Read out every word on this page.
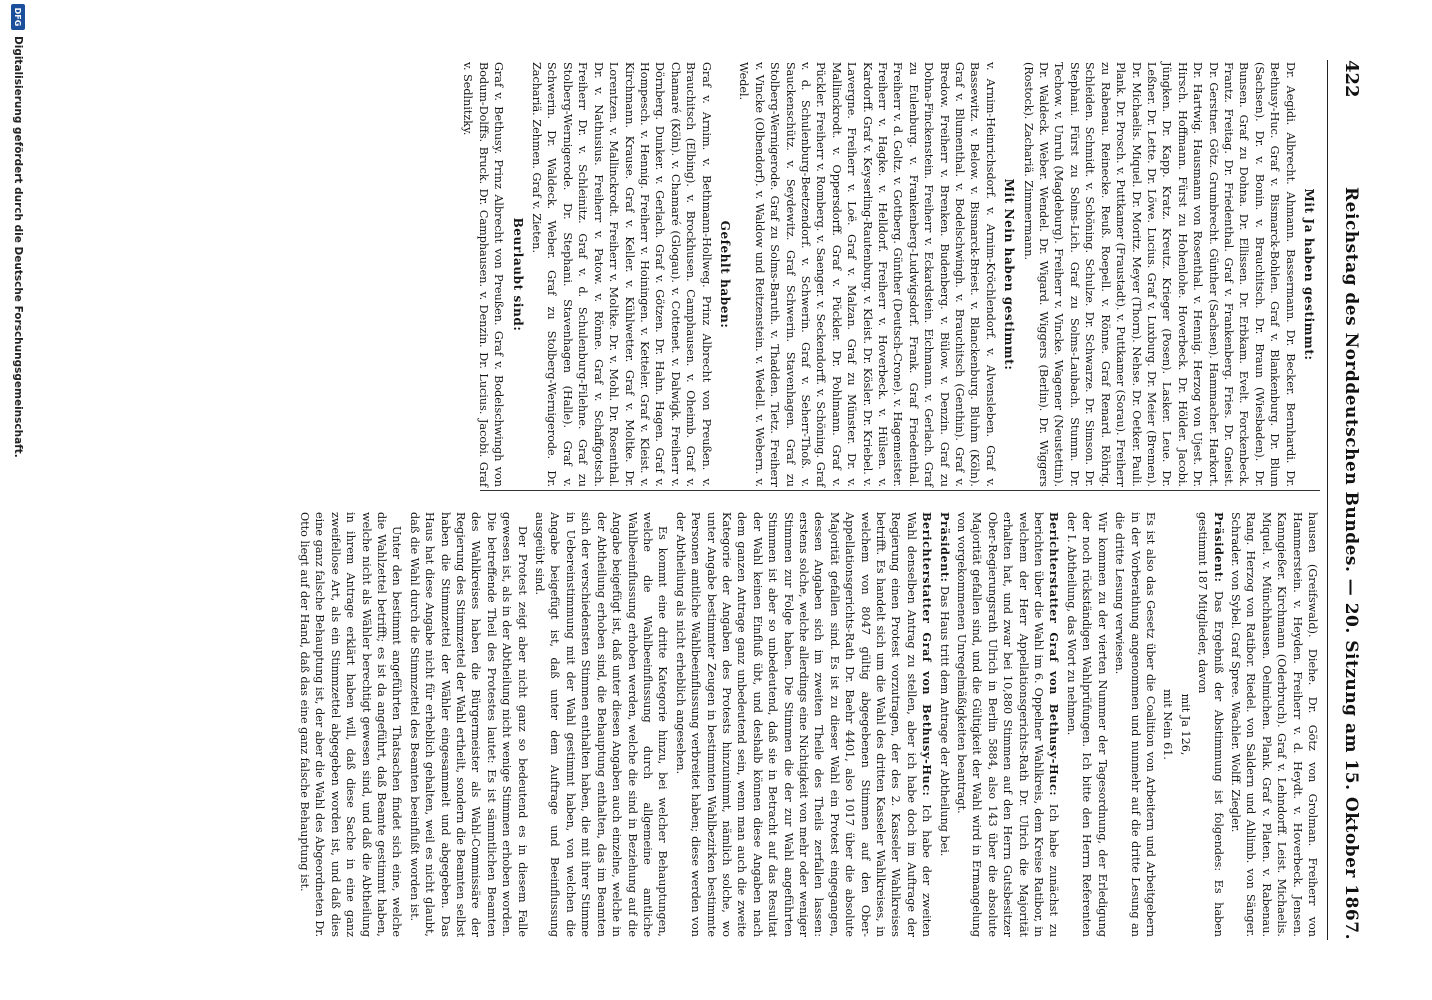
422
Reichstag des Norddeutschen Bundes. — 20. Sitzung am 15. Oktober 1867.
Mit Ja haben gestimmt:

Dr. Aegidi. Albrecht. Ahmann. Bassermann. Dr. Becker. Bernhardi. Dr. Bethusy-Huc. Graf v. Bismarck-Bohlen. Graf v. Blankenburg. Dr. Blum (Sachsen). Dr. v. Bonin. v. Brauchitsch. Dr. Braun (Wiesbaden). Dr. Bunsen. Graf zu Dohna. Dr. Ellissen. Dr. Erbkam. Evelt. Forckenbeck. Frantz. Freitag. Dr. Friedenthal. Graf v. Frankenberg. Fries. Dr. Gneist. Dr. Gerstner. Götz. Grumbrecht. Günther (Sachsen). Hammacher. Harkort. Dr. Hartwig. Hausmann von Rosenthal. v. Hennig. Herzog von Ujest. Dr. Hirsch. Hoffmann. Fürst zu Hohenlohe. Hoverbeck. Dr. Hölder. Jacobi. Jüngken. Dr. Kapp. Kratz. Kreutz. Krieger (Posen). Lasker. Leue. Dr. Leßner. Dr. Lette. Dr. Löwe. Lucius. Graf v. Luxburg. Dr. Meier (Bremen). Dr. Michaelis. Miquel. Dr. Moritz. Meyer (Thorn). Nehse. Dr. Oetker. Pauli. Plank. Dr. Prosch. v. Puttkamer (Fraustadt). v. Puttkamer (Sorau). Freiherr zu Rabenau. Reinecke. Reuß. Roepell. v. Rönne. Graf Renard. Röhrig. Schleiden. Schmidt. v. Schöning. Schulze. Dr. Schwarze. Dr. Simson. Dr. Stephani. Fürst zu Solms-Lich. Graf zu Solms-Laubach. Stumm. Dr. Techow. v. Unruh (Magdeburg). Freiherr v. Vincke. Wagener (Neustettin). Dr. Waldeck. Weber. Wendel. Dr. Wigard. Wiggers (Berlin). Dr. Wiggers (Rostock). Zachariä. Zimmermann.

Mit Nein haben gestimmt:

v. Arnim-Heinrichsdorf. v. Arnim-Kröchlendorf. v. Alvensleben. Graf v. Bassewitz. v. Below. v. Bismarck-Briest. v. Blanckenburg. Bluhm (Köln). Graf v. Blumenthal. v. Bodelschwingh. v. Brauchitsch (Genthin). Graf v. Bredow. Freiherr v. Brenken. Budenberg. v. Bülow. v. Denzin. Graf zu Dohna-Finckenstein. Freiherr v. Eckardstein. Eichmann. v. Gerlach. Graf zu Eulenburg. v. Frankenberg-Ludwigsdorf. Frank. Graf Friedenthal. Freiherr v. d. Goltz. v. Gottberg. Günther (Deutsch-Crone). v. Hagemeister. Freiherr v. Hagke. v. Helldorf. Freiherr v. Hoverbeck. v. Hülsen. v. Kardorff. Graf v. Keyserling-Rautenburg. v. Kleist. Dr. Kösler. Dr. Kriebel. v. Lavergne. Freiherr v. Loë. Graf v. Malzan. Graf zu Münster. Dr. v. Mallinckrodt. v. Oppersdorff. Graf v. Pückler. Dr. Pohlmann. Graf v. Pückler. Freiherr v. Romberg. v. Saenger. v. Seckendorff. v. Schöning. Graf v. d. Schulenburg-Beetzendorf. v. Schwerin. Graf v. Seherr-Thoß. v. Sauckenschütz. v. Seydewitz. Graf Schwerin. Stavenhagen. Graf zu Stolberg-Wernigerode. Graf zu Solms-Baruth. v. Thadden. Tietz. Freiherr v. Vincke (Olbendorf). v. Waldow und Reitzenstein. v. Wedell. v. Webern. v. Wedel.

Gefehlt haben:

Graf v. Arnim. v. Bethmann-Hollweg. Prinz Albrecht von Preußen. v. Brauchitsch (Elbing). v. Brockhusen. Camphausen. v. Oheimb. Graf v. Chamaré (Köln). v. Chamaré (Glogau). v. Cottenet. v. Dalwigk. Freiherr v. Dörnberg. Dunker. v. Gerlach. Graf v. Götzen. Dr. Hahn. Hagen. Graf v. Hompesch. v. Hennig. Freiherr v. Hoiningen. v. Ketteler. Graf v. Kleist. v. Kirchmann. Krause. Graf v. Keller. v. Kühlwetter. Graf v. Moltke. Dr. Lorentzen. v. Mallinckrodt. Freiherr v. Moltke. Dr. v. Mohl. Dr. Rosenthal. Dr. v. Nathusius. Freiherr v. Patow. v. Rönne. Graf v. Schaffgotsch. Freiherr Dr. v. Schleinitz. Graf v. d. Schulenburg-Filehne. Graf zu Stolberg-Wernigerode. Dr. Stephani. Stavenhagen (Halle). Graf v. Schwerin. Dr. Waldeck. Weber. Graf zu Stolberg-Wernigerode. Dr. Zachariä. Zehmen. Graf v. Zieten.

Beurlaubt sind:

Graf v. Bethusy. Prinz Albrecht von Preußen. Graf v. Bodelschwingh von Bodum-Dolffs. Bruck. Dr. Camphausen. v. Denzin. Dr. Lucius. Jacobi. Graf v. Sedlnitzky.

hausen (Greifswald). Diehe. Dr. Götz von Grolman. Freiherr von Hammerstein. v. Heyden. Freiherr v. d. Heydt. v. Hoverbeck. Jensen. Kanngießer. Kirchmann (Oderbruch). Graf v. Lehndorff. Leist. Michaelis. Miquel. v. Münchhausen. Oelmichen. Plank. Graf v. Platen. v. Rabenau. Rang. Herzog von Ratibor. Riedel. von Saldern und Ahlimb. von Sänger. Schrader. von Sybel. Graf Spree. Wachler. Wolff. Ziegler.

Präsident: Das Ergebniß der Abstimmung ist folgendes: Es haben gestimmt 187 Mitglieder, davon

mit Ja 126,
mit Nein 61.

Es ist also das Gesetz über die Coalition von Arbeitern und Arbeitgebern in der Vorberathung angenommen und nunmehr auf die dritte Lesung an die dritte Lesung verwiesen.

Wir kommen zu der vierten Nummer der Tagesordnung, der Erledigung der noch rückständigen Wahlprüfungen. Ich bitte den Herrn Referenten der I. Abtheilung, das Wort zu nehmen.

Berichterstatter Graf von Bethusy-Huc: Ich habe zunächst zu berichten über die Wahl im 6. Oppelner Wahlkreis, dem Kreise Ratibor, in welchem der Herr Appellationsgerichts-Rath Dr. Ulrich die Majorität erhalten hat, und zwar bei 10,880 Stimmen auf den Herrn Gutsbesitzer Ober-Regierungsrath Ulrich in Berlin 5884, also 143 über die absolute Majorität gefallen sind, und die Gültigkeit der Wahl wird in Ermangelung von vorgekommenen Unregelmäßigkeiten beantragt.

Präsident: Das Haus tritt dem Antrage der Abtheilung bei.

Berichterstatter Graf von Bethusy-Huc: Ich habe der zweiten Wahl denselben Antrag zu stellen, aber ich habe doch im Auftrage der Regierung einen Protest vorzutragen, der des 2. Kasseler Wahlkreises betrifft. Es handelt sich um die Wahl des dritten Kasseler Wahlkreises, in welchem von 8047 gültig abgegebenen Stimmen auf den Ober-Appellationsgerichts-Rath Dr. Baehr 4401, also 1017 über die absolute Majorität gefallen sind. Es ist zu dieser Wahl ein Protest eingegangen, dessen Angaben sich im zweiten Theile des Theils zerfallen lassen: erstens solche, welche allerdings eine Nichtigkeit von mehr oder weniger Stimmen zur Folge haben. Die Stimmen die der zur Wahl angeführten Stimmen ist aber so unbedeutend, daß sie in Betracht auf das Resultat der Wahl keinen Einfluß übt, und deshalb können diese Angaben nach dem ganzen Antrage ganz unbedeutend sein, wenn man auch die zweite Kategorie der Angaben des Protests hinzunimmt, nämlich solche, wo unter Angabe bestimmter Zeugen in bestimmten Wahlbezirken bestimmte Personen amtliche Wahlbeeinflussung verbreitet haben; diese werden von der Abtheilung als nicht erheblich angesehen.

Es kommt eine dritte Kategorie hinzu, bei welcher Behauptungen, welche die Wahlbeeinflussung durch allgemeine amtliche Wahlbeeinflussung erhoben werden, welche die sind in Beziehung auf die Angabe beigefügt ist, daß unter diesen Angaben auch einzelne, welche in der Abtheilung erhoben sind, die Behauptung enthalten, das im Beamten sich der verschiedensten Stimmen enthalten haben, die mit ihrer Stimme in Uebereinstimmung mit der Wahl gestimmt haben, von welchen die Angabe beigefügt ist, daß unter dem Auftrage und Beeinflussung ausgeübt sind.

Der Protest zeigt aber nicht ganz so bedeutend es in diesem Falle gewesen ist, als in der Abtheilung nicht wenige Stimmen erhoben worden. Die betreffende Theil des Protestes lautet: Es ist sämmtlichen Beamten des Wahlkreises haben die Bürgermeister als Wahl-Commissäre der Regierung des Stimmzettel der Wahl ertheilt, sondern die Beamten selbst haben die Stimmzettel der Wähler eingesammelt und abgegeben. Das Haus hat diese Angabe nicht für erheblich gehalten, weil es nicht glaubt, daß die Wahl durch die Stimmzettel des Beamten beeinflußt worden ist.

Unter den bestimmt angeführten Thatsachen findet sich eine, welche die Wahlzettel betrifft; es ist da angeführt, daß Beamte gestimmt haben, welche nicht als Wähler berechtigt gewesen sind, und daß die Abtheilung in ihrem Antrage erklärt haben will, daß diese Sache in eine ganz zweifellose Art, als ein Stimmzettel abgegeben worden ist, und daß dies eine ganz falsche Behauptung ist, der aber die Wahl des Abgeordneten Dr. Otto liegt auf der Hand, daß das eine ganz falsche Behauptung ist.

DFG
Digitalisierung gefördert durch die Deutsche Forschungsgemeinschaft.
